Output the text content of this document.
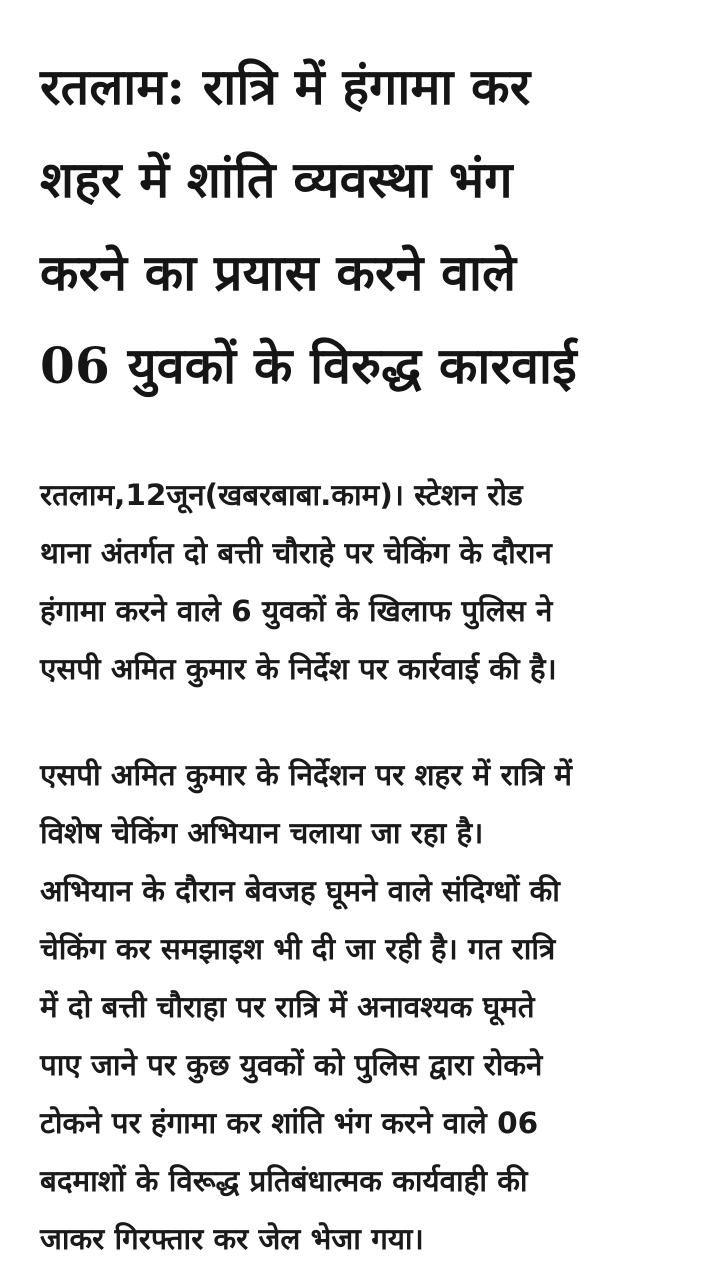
रतलाम: रात्रि में हंगामा कर
शहर में शांति व्यवस्था भंग
करने का प्रयास करने वाले
06 युवकों के विरुद्ध कारवाई

रतलाम,12जून(खबरबाबा.काम)। स्टेशन रोड
थाना अंतर्गत दो बत्ती चौराहे पर चेकिंग के दौरान
हंगामा करने वाले 6 युवकों के खिलाफ पुलिस ने
एसपी अमित कुमार के निर्देश पर कार्रवाई की है।

एसपी अमित कुमार के निर्देशन पर शहर में रात्रि में
विशेष चेकिंग अभियान चलाया जा रहा है।
अभियान के दौरान बेवजह घूमने वाले संदिग्धों की
चेकिंग कर समझाइश भी दी जा रही है। गत रात्रि
में दो बत्ती चौराहा पर रात्रि में अनावश्यक घूमते
पाए जाने पर कुछ युवकों को पुलिस द्वारा रोकने
टोकने पर हंगामा कर शांति भंग करने वाले 06
बदमाशों के विरूद्ध प्रतिबंधात्मक कार्यवाही की
जाकर गिरफ्तार कर जेल भेजा गया।
